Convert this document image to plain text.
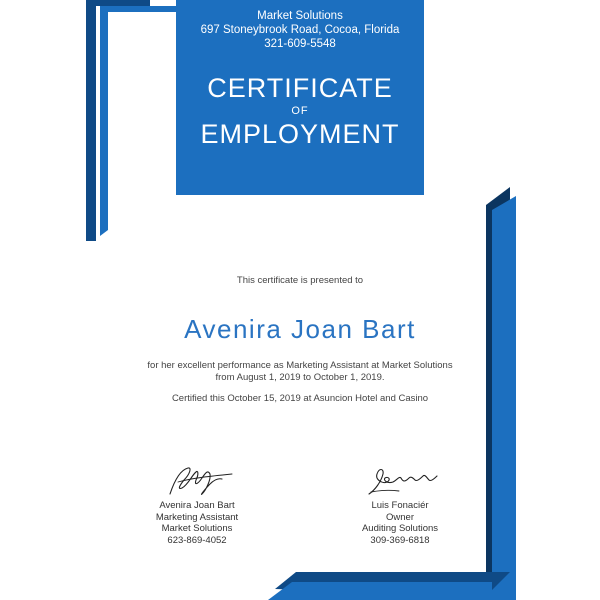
Market Solutions
697 Stoneybrook Road, Cocoa, Florida
321-609-5548
CERTIFICATE
OF
EMPLOYMENT
This certificate is presented to
Avenira Joan Bart
for her excellent performance as Marketing Assistant at Market Solutions
from August 1, 2019 to October 1, 2019.
Certified this October 15, 2019 at Asuncion Hotel and Casino
Avenira Joan Bart
Marketing Assistant
Market Solutions
623-869-4052
Luis Fonaciér
Owner
Auditing Solutions
309-369-6818
